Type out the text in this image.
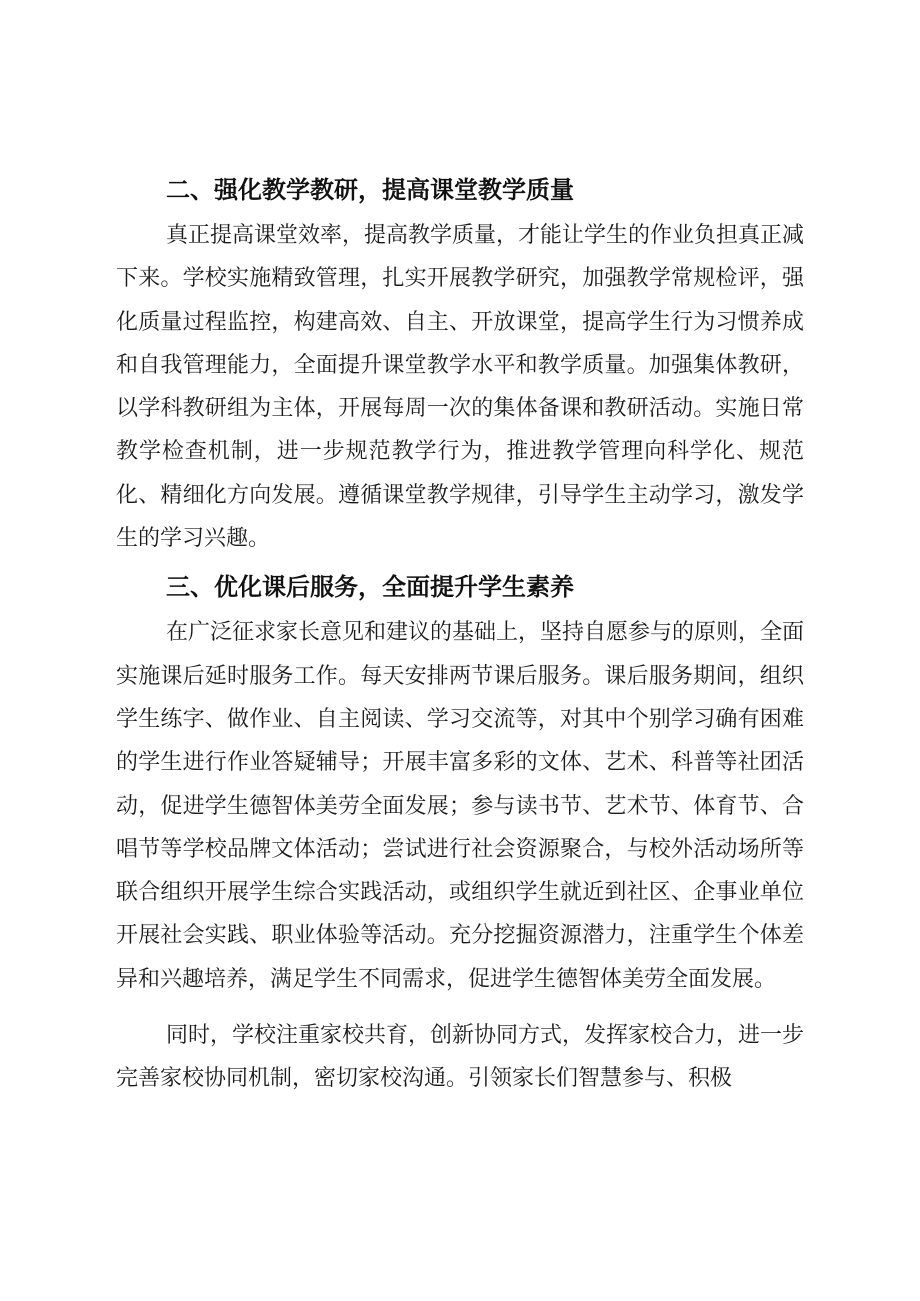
二、强化教学教研，提高课堂教学质量

真正提高课堂效率，提高教学质量，才能让学生的作业负担真正减下来。学校实施精致管理，扎实开展教学研究，加强教学常规检评，强化质量过程监控，构建高效、自主、开放课堂，提高学生行为习惯养成和自我管理能力，全面提升课堂教学水平和教学质量。加强集体教研，以学科教研组为主体，开展每周一次的集体备课和教研活动。实施日常教学检查机制，进一步规范教学行为，推进教学管理向科学化、规范化、精细化方向发展。遵循课堂教学规律，引导学生主动学习，激发学生的学习兴趣。

三、优化课后服务，全面提升学生素养

在广泛征求家长意见和建议的基础上，坚持自愿参与的原则，全面实施课后延时服务工作。每天安排两节课后服务。课后服务期间，组织学生练字、做作业、自主阅读、学习交流等，对其中个别学习确有困难的学生进行作业答疑辅导；开展丰富多彩的文体、艺术、科普等社团活动，促进学生德智体美劳全面发展；参与读书节、艺术节、体育节、合唱节等学校品牌文体活动；尝试进行社会资源聚合，与校外活动场所等联合组织开展学生综合实践活动，或组织学生就近到社区、企事业单位开展社会实践、职业体验等活动。充分挖掘资源潜力，注重学生个体差异和兴趣培养，满足学生不同需求，促进学生德智体美劳全面发展。

同时，学校注重家校共育，创新协同方式，发挥家校合力，进一步完善家校协同机制，密切家校沟通。引领家长们智慧参与、积极
